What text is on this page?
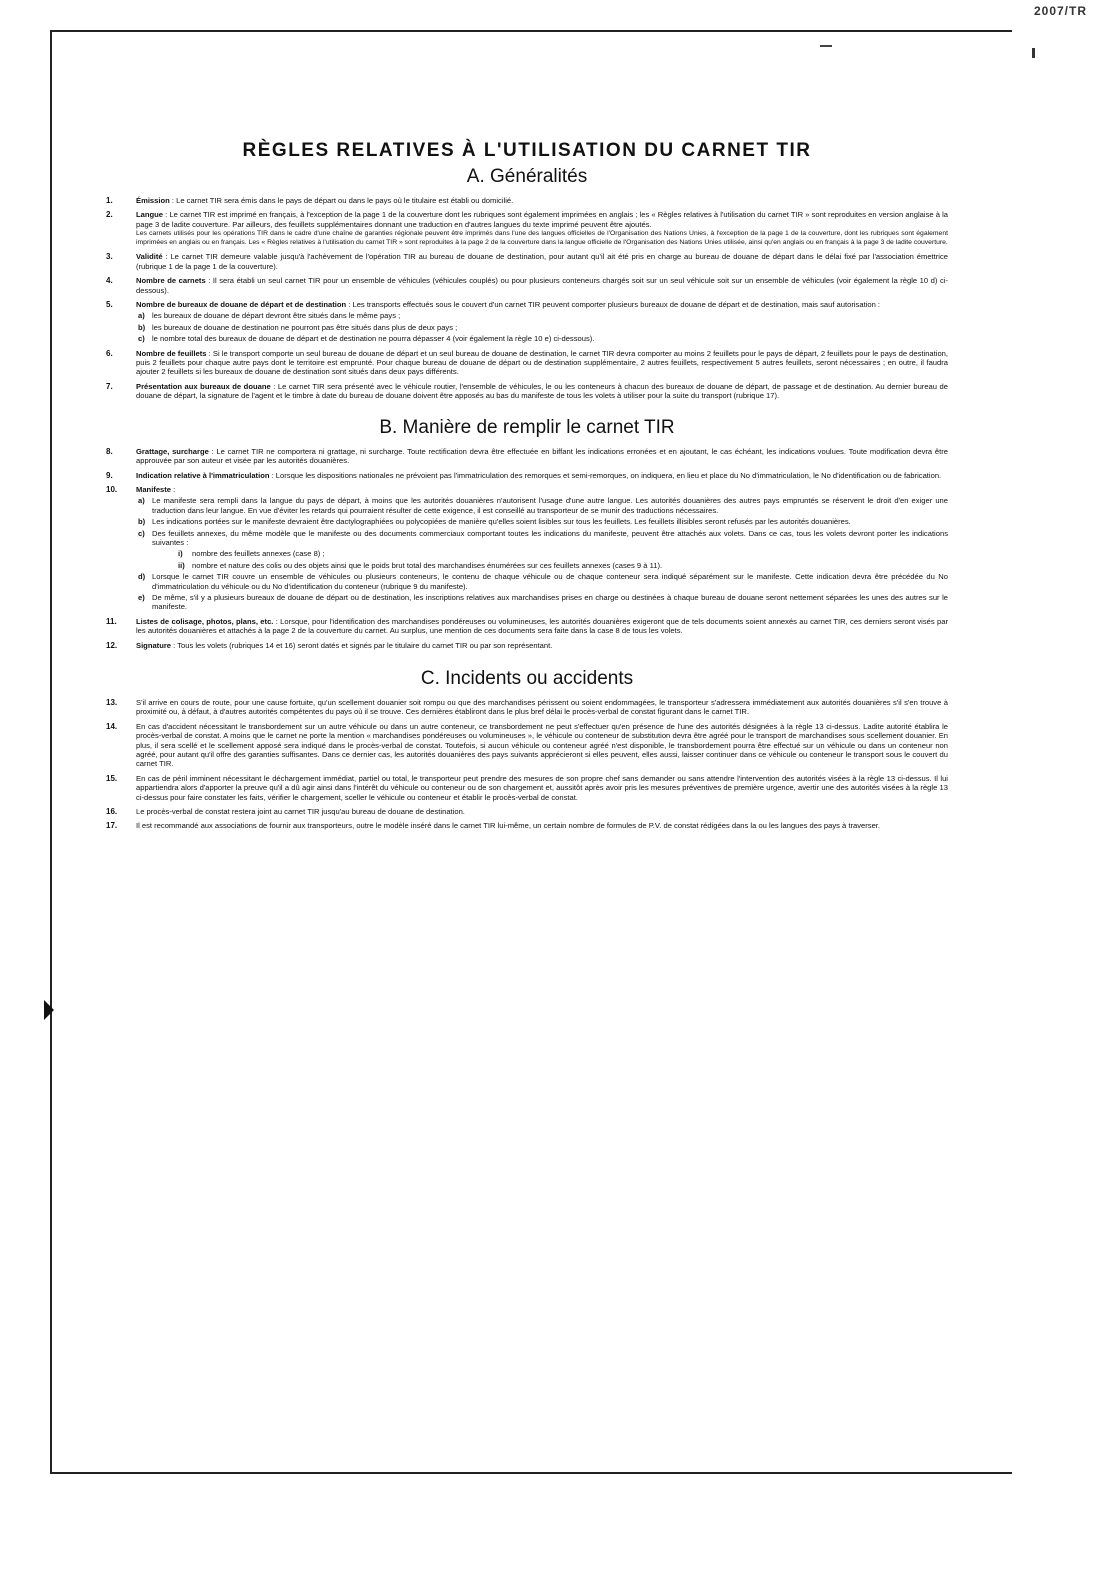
2007/TR
RÈGLES RELATIVES À L'UTILISATION DU CARNET TIR
A. Généralités
1.	Émission : Le carnet TIR sera émis dans le pays de départ ou dans le pays où le titulaire est établi ou domicilié.
2.	Langue : Le carnet TIR est imprimé en français, à l'exception de la page 1 de la couverture dont les rubriques sont également imprimées en anglais ; les « Règles relatives à l'utilisation du carnet TIR » sont reproduites en version anglaise à la page 3 de ladite couverture. Par ailleurs, des feuillets supplémentaires donnant une traduction en d'autres langues du texte imprimé peuvent être ajoutés.
Les carnets utilisés pour les opérations TIR dans le cadre d'une chaîne de garanties régionale peuvent être imprimés dans l'une des langues officielles de l'Organisation des Nations Unies, à l'exception de la page 1 de la couverture, dont les rubriques sont également imprimées en anglais ou en français. Les « Règles relatives à l'utilisation du carnet TIR » sont reproduites à la page 2 de la couverture dans la langue officielle de l'Organisation des Nations Unies utilisée, ainsi qu'en anglais ou en français à la page 3 de ladite couverture.
3.	Validité : Le carnet TIR demeure valable jusqu'à l'achèvement de l'opération TIR au bureau de douane de destination, pour autant qu'il ait été pris en charge au bureau de douane de départ dans le délai fixé par l'association émettrice (rubrique 1 de la page 1 de la couverture).
4.	Nombre de carnets : Il sera établi un seul carnet TIR pour un ensemble de véhicules (véhicules couplés) ou pour plusieurs conteneurs chargés soit sur un seul véhicule soit sur un ensemble de véhicules (voir également la règle 10 d) ci-dessous).
5.	Nombre de bureaux de douane de départ et de destination : Les transports effectués sous le couvert d'un carnet TIR peuvent comporter plusieurs bureaux de douane de départ et de destination, mais sauf autorisation :
a) les bureaux de douane de départ devront être situés dans le même pays ;
b) les bureaux de douane de destination ne pourront pas être situés dans plus de deux pays ;
c) le nombre total des bureaux de douane de départ et de destination ne pourra dépasser 4 (voir également la règle 10 e) ci-dessous).
6.	Nombre de feuillets : Si le transport comporte un seul bureau de douane de départ et un seul bureau de douane de destination, le carnet TIR devra comporter au moins 2 feuillets pour le pays de départ, 2 feuillets pour le pays de destination, puis 2 feuillets pour chaque autre pays dont le territoire est emprunté. Pour chaque bureau de douane de départ ou de destination supplémentaire, 2 autres feuillets, respectivement 5 autres feuillets, seront nécessaires ; en outre, il faudra ajouter 2 feuillets si les bureaux de douane de destination sont situés dans deux pays différents.
7.	Présentation aux bureaux de douane : Le carnet TIR sera présenté avec le véhicule routier, l'ensemble de véhicules, le ou les conteneurs à chacun des bureaux de douane de départ, de passage et de destination. Au dernier bureau de douane de départ, la signature de l'agent et le timbre à date du bureau de douane doivent être apposés au bas du manifeste de tous les volets à utiliser pour la suite du transport (rubrique 17).
B. Manière de remplir le carnet TIR
8.	Grattage, surcharge : Le carnet TIR ne comportera ni grattage, ni surcharge. Toute rectification devra être effectuée en biffant les indications erronées et en ajoutant, le cas échéant, les indications voulues. Toute modification devra être approuvée par son auteur et visée par les autorités douanières.
9.	Indication relative à l'immatriculation : Lorsque les dispositions nationales ne prévoient pas l'immatriculation des remorques et semi-remorques, on indiquera, en lieu et place du No d'immatriculation, le No d'identification ou de fabrication.
10.	Manifeste :
a) Le manifeste sera rempli dans la langue du pays de départ, à moins que les autorités douanières n'autorisent l'usage d'une autre langue. Les autorités douanières des autres pays empruntés se réservent le droit d'en exiger une traduction dans leur langue. En vue d'éviter les retards qui pourraient résulter de cette exigence, il est conseillé au transporteur de se munir des traductions nécessaires.
b) Les indications portées sur le manifeste devraient être dactylographiées ou polycopiées de manière qu'elles soient lisibles sur tous les feuillets. Les feuillets illisibles seront refusés par les autorités douanières.
c) Des feuillets annexes, du même modèle que le manifeste ou des documents commerciaux comportant toutes les indications du manifeste, peuvent être attachés aux volets. Dans ce cas, tous les volets devront porter les indications suivantes :
i)	nombre des feuillets annexes (case 8) ;
ii) nombre et nature des colis ou des objets ainsi que le poids brut total des marchandises énumérées sur ces feuillets annexes (cases 9 à 11).
d) Lorsque le carnet TIR couvre un ensemble de véhicules ou plusieurs conteneurs, le contenu de chaque véhicule ou de chaque conteneur sera indiqué séparément sur le manifeste. Cette indication devra être précédée du No d'immatriculation du véhicule ou du No d'identification du conteneur (rubrique 9 du manifeste).
e) De même, s'il y a plusieurs bureaux de douane de départ ou de destination, les inscriptions relatives aux marchandises prises en charge ou destinées à chaque bureau de douane seront nettement séparées les unes des autres sur le manifeste.
11.	Listes de colisage, photos, plans, etc. : Lorsque, pour l'identification des marchandises pondéreuses ou volumineuses, les autorités douanières exigeront que de tels documents soient annexés au carnet TIR, ces derniers seront visés par les autorités douanières et attachés à la page 2 de la couverture du carnet. Au surplus, une mention de ces documents sera faite dans la case 8 de tous les volets.
12.	Signature : Tous les volets (rubriques 14 et 16) seront datés et signés par le titulaire du carnet TIR ou par son représentant.
C. Incidents ou accidents
13.	S'il arrive en cours de route, pour une cause fortuite, qu'un scellement douanier soit rompu ou que des marchandises périssent ou soient endommagées, le transporteur s'adressera immédiatement aux autorités douanières s'il s'en trouve à proximité ou, à défaut, à d'autres autorités compétentes du pays où il se trouve. Ces dernières établiront dans le plus bref délai le procès-verbal de constat figurant dans le carnet TIR.
14.	En cas d'accident nécessitant le transbordement sur un autre véhicule ou dans un autre conteneur, ce transbordement ne peut s'effectuer qu'en présence de l'une des autorités désignées à la règle 13 ci-dessus. Ladite autorité établira le procès-verbal de constat. A moins que le carnet ne porte la mention « marchandises pondéreuses ou volumineuses », le véhicule ou conteneur de substitution devra être agréé pour le transport de marchandises sous scellement douanier. En plus, il sera scellé et le scellement apposé sera indiqué dans le procès-verbal de constat. Toutefois, si aucun véhicule ou conteneur agréé n'est disponible, le transbordement pourra être effectué sur un véhicule ou dans un conteneur non agréé, pour autant qu'il offre des garanties suffisantes. Dans ce dernier cas, les autorités douanières des pays suivants apprécieront si elles peuvent, elles aussi, laisser continuer dans ce véhicule ou conteneur le transport sous le couvert du carnet TIR.
15.	En cas de péril imminent nécessitant le déchargement immédiat, partiel ou total, le transporteur peut prendre des mesures de son propre chef sans demander ou sans attendre l'intervention des autorités visées à la règle 13 ci-dessus. Il lui appartiendra alors d'apporter la preuve qu'il a dû agir ainsi dans l'intérêt du véhicule ou conteneur ou de son chargement et, aussitôt après avoir pris les mesures préventives de première urgence, avertir une des autorités visées à la règle 13 ci-dessus pour faire constater les faits, vérifier le chargement, sceller le véhicule ou conteneur et établir le procès-verbal de constat.
16.	Le procès-verbal de constat restera joint au carnet TIR jusqu'au bureau de douane de destination.
17.	Il est recommandé aux associations de fournir aux transporteurs, outre le modèle inséré dans le carnet TIR lui-même, un certain nombre de formules de P.V. de constat rédigées dans la ou les langues des pays à traverser.
